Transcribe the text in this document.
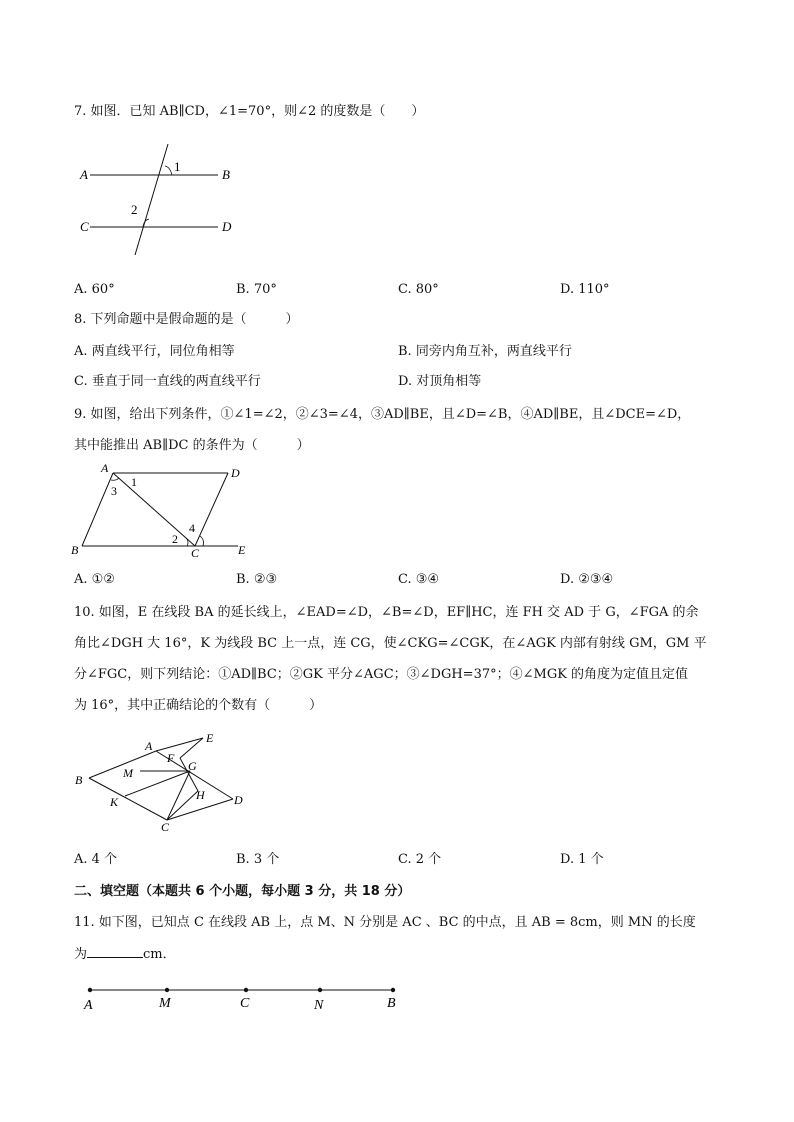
7. 如图．已知 AB∥CD，∠1=70°，则∠2 的度数是（　　）
A	B
C	D
1
2
A. 60°	B. 70°	C. 80°	D. 110°
8. 下列命题中是假命题的是（　　　）
A. 两直线平行，同位角相等	B. 同旁内角互补，两直线平行
C. 垂直于同一直线的两直线平行	D. 对顶角相等
9. 如图，给出下列条件，①∠1=∠2，②∠3=∠4，③AD∥BE，且∠D=∠B，④AD∥BE，且∠DCE=∠D，
其中能推出 AB∥DC 的条件为（　　　）
A	D
B	C	E
1
3
2
4
A. ①②	B. ②③	C. ③④	D. ②③④
10. 如图，E 在线段 BA 的延长线上，∠EAD=∠D，∠B=∠D，EF∥HC，连 FH 交 AD 于 G，∠FGA 的余
角比∠DGH 大 16°，K 为线段 BC 上一点，连 CG，使∠CKG=∠CGK，在∠AGK 内部有射线 GM，GM 平
分∠FGC，则下列结论：①AD∥BC；②GK 平分∠AGC；③∠DGH=37°；④∠MGK 的角度为定值且定值
为 16°，其中正确结论的个数有（　　　）
A
E
F
G
B	M
H D
K
C
A. 4 个	B. 3 个	C. 2 个	D. 1 个
二、填空题（本题共 6 个小题，每小题 3 分，共 18 分）
11. 如下图，已知点 C 在线段 AB 上，点 M、N 分别是 AC 、BC 的中点，且 AB = 8cm，则 MN 的长度
为	cm．
A	M	C	N	B
